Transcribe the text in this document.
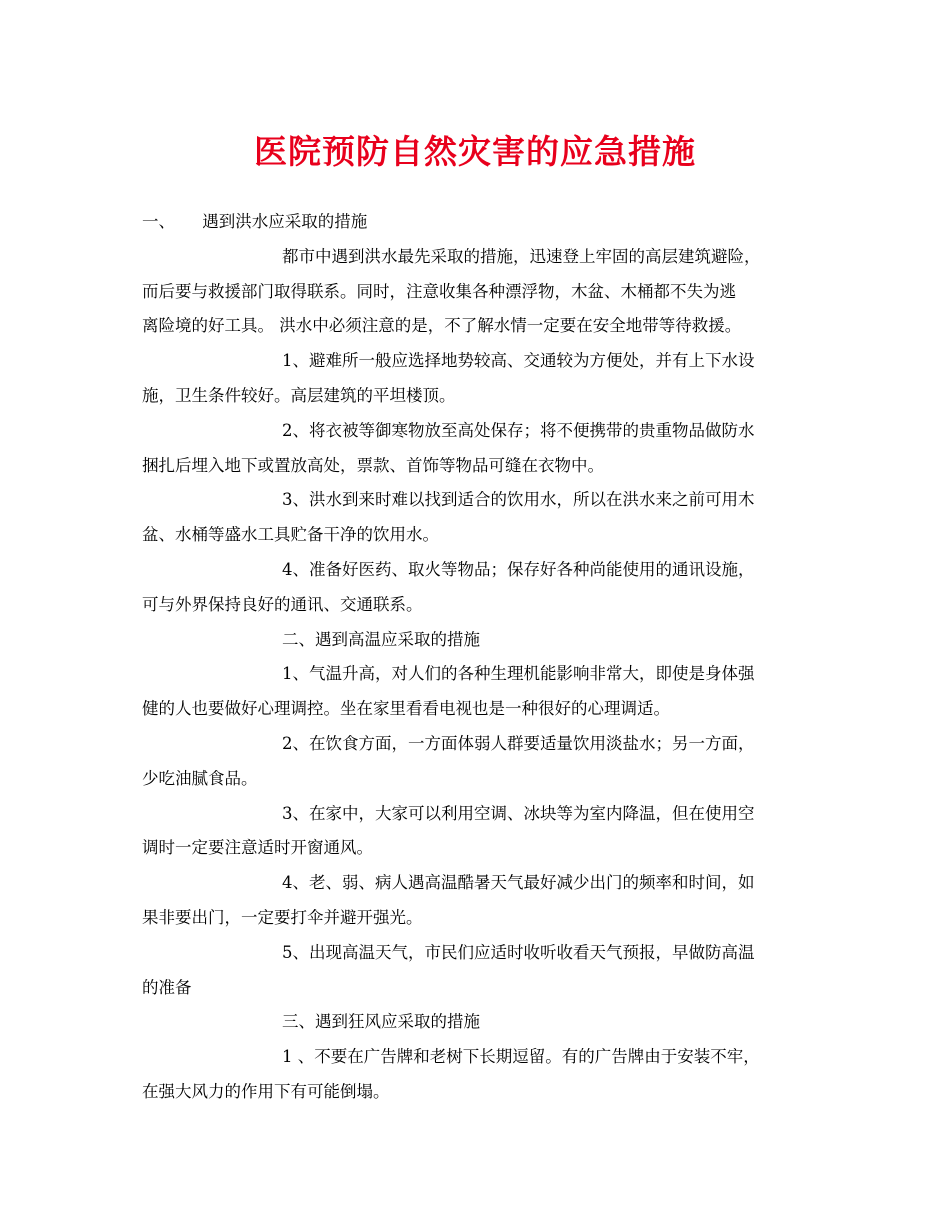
医院预防自然灾害的应急措施
一、 遇到洪水应采取的措施
都市中遇到洪水最先采取的措施，迅速登上牢固的高层建筑避险，
而后要与救援部门取得联系。同时，注意收集各种漂浮物，木盆、木桶都不失为逃
离险境的好工具。 洪水中必须注意的是，不了解水情一定要在安全地带等待救援。
1、避难所一般应选择地势较高、交通较为方便处，并有上下水设
施，卫生条件较好。高层建筑的平坦楼顶。
2、将衣被等御寒物放至高处保存；将不便携带的贵重物品做防水
捆扎后埋入地下或置放高处，票款、首饰等物品可缝在衣物中。
3、洪水到来时难以找到适合的饮用水，所以在洪水来之前可用木
盆、水桶等盛水工具贮备干净的饮用水。
4、准备好医药、取火等物品；保存好各种尚能使用的通讯设施，
可与外界保持良好的通讯、交通联系。
二、遇到高温应采取的措施
1、气温升高，对人们的各种生理机能影响非常大，即使是身体强
健的人也要做好心理调控。坐在家里看看电视也是一种很好的心理调适。
2、在饮食方面，一方面体弱人群要适量饮用淡盐水；另一方面，
少吃油腻食品。
3、在家中，大家可以利用空调、冰块等为室内降温，但在使用空
调时一定要注意适时开窗通风。
4、老、弱、病人遇高温酷暑天气最好减少出门的频率和时间，如
果非要出门，一定要打伞并避开强光。
5、出现高温天气，市民们应适时收听收看天气预报，早做防高温
的准备
三、遇到狂风应采取的措施
1 、不要在广告牌和老树下长期逗留。有的广告牌由于安装不牢，
在强大风力的作用下有可能倒塌。
